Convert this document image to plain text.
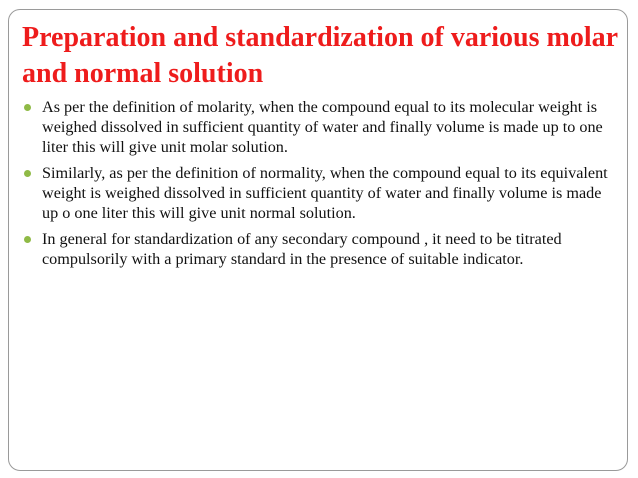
Preparation and standardization of various molar and normal solution
As per the definition of molarity, when the compound equal to its molecular weight is weighed dissolved in sufficient quantity of water and finally volume is made up to one liter this will give unit molar solution.
Similarly, as per the definition of normality, when the compound equal to its equivalent weight is weighed dissolved in sufficient quantity of water and finally volume is made up o one liter this will give unit normal solution.
In general for standardization of any secondary compound , it need to be titrated compulsorily with a primary standard in the presence of suitable indicator.
